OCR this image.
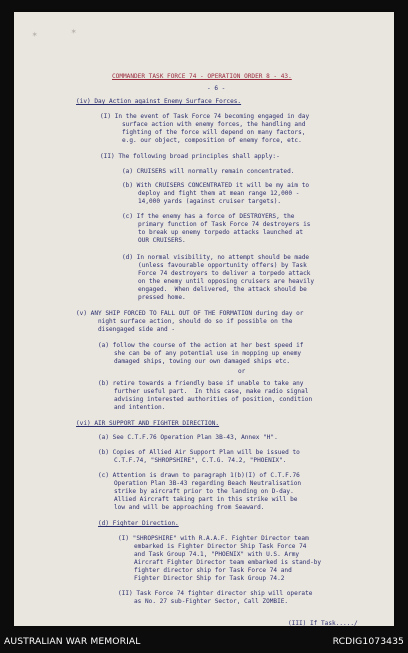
✶	✶
COMMANDER TASK FORCE 74 - OPERATION ORDER 8 - 43.
- 6 -
(iv) Day Action against Enemy Surface Forces.
(I) In the event of Task Force 74 becoming engaged in day
surface action with enemy forces, the handling and
fighting of the force will depend on many factors,
e.g. our object, composition of enemy force, etc.
(II) The following broad principles shall apply:-
(a) CRUISERS will normally remain concentrated.
(b) With CRUISERS CONCENTRATED it will be my aim to
deploy and fight them at mean range 12,000 -
14,000 yards (against cruiser targets).
(c) If the enemy has a force of DESTROYERS, the
primary function of Task Force 74 destroyers is
to break up enemy torpedo attacks launched at
OUR CRUISERS.
(d) In normal visibility, no attempt should be made
(unless favourable opportunity offers) by Task
Force 74 destroyers to deliver a torpedo attack
on the enemy until opposing cruisers are heavily
engaged.  When delivered, the attack should be
pressed home.
(v) ANY SHIP FORCED TO FALL OUT OF THE FORMATION during day or
night surface action, should do so if possible on the
disengaged side and -
(a) follow the course of the action at her best speed if
she can be of any potential use in mopping up enemy
damaged ships, towing our own damaged ships etc.
or
(b) retire towards a friendly base if unable to take any
further useful part.  In this case, make radio signal
advising interested authorities of position, condition
and intention.
(vi) AIR SUPPORT AND FIGHTER DIRECTION.
(a) See C.T.F.76 Operation Plan 3B-43, Annex "H".
(b) Copies of Allied Air Support Plan will be issued to
C.T.F.74, "SHROPSHIRE", C.T.G. 74.2, "PHOENIX".
(c) Attention is drawn to paragraph 1(b)(I) of C.T.F.76
Operation Plan 3B-43 regarding Beach Neutralisation
strike by aircraft prior to the landing on D-day.
Allied Aircraft taking part in this strike will be
low and will be approaching from Seaward.
(d) Fighter Direction.
(I) "SHROPSHIRE" with R.A.A.F. Fighter Director team
embarked is Fighter Director Ship Task Force 74
and Task Group 74.1, "PHOENIX" with U.S. Army
Aircraft Fighter Director team embarked is stand-by
fighter director ship for Task Force 74 and
Fighter Director Ship for Task Group 74.2
(II) Task Force 74 fighter director ship will operate
as No. 27 sub-Fighter Sector, Call ZOMBIE.
(III) If Task...../
AUSTRALIAN WAR MEMORIAL	RCDIG1073435
